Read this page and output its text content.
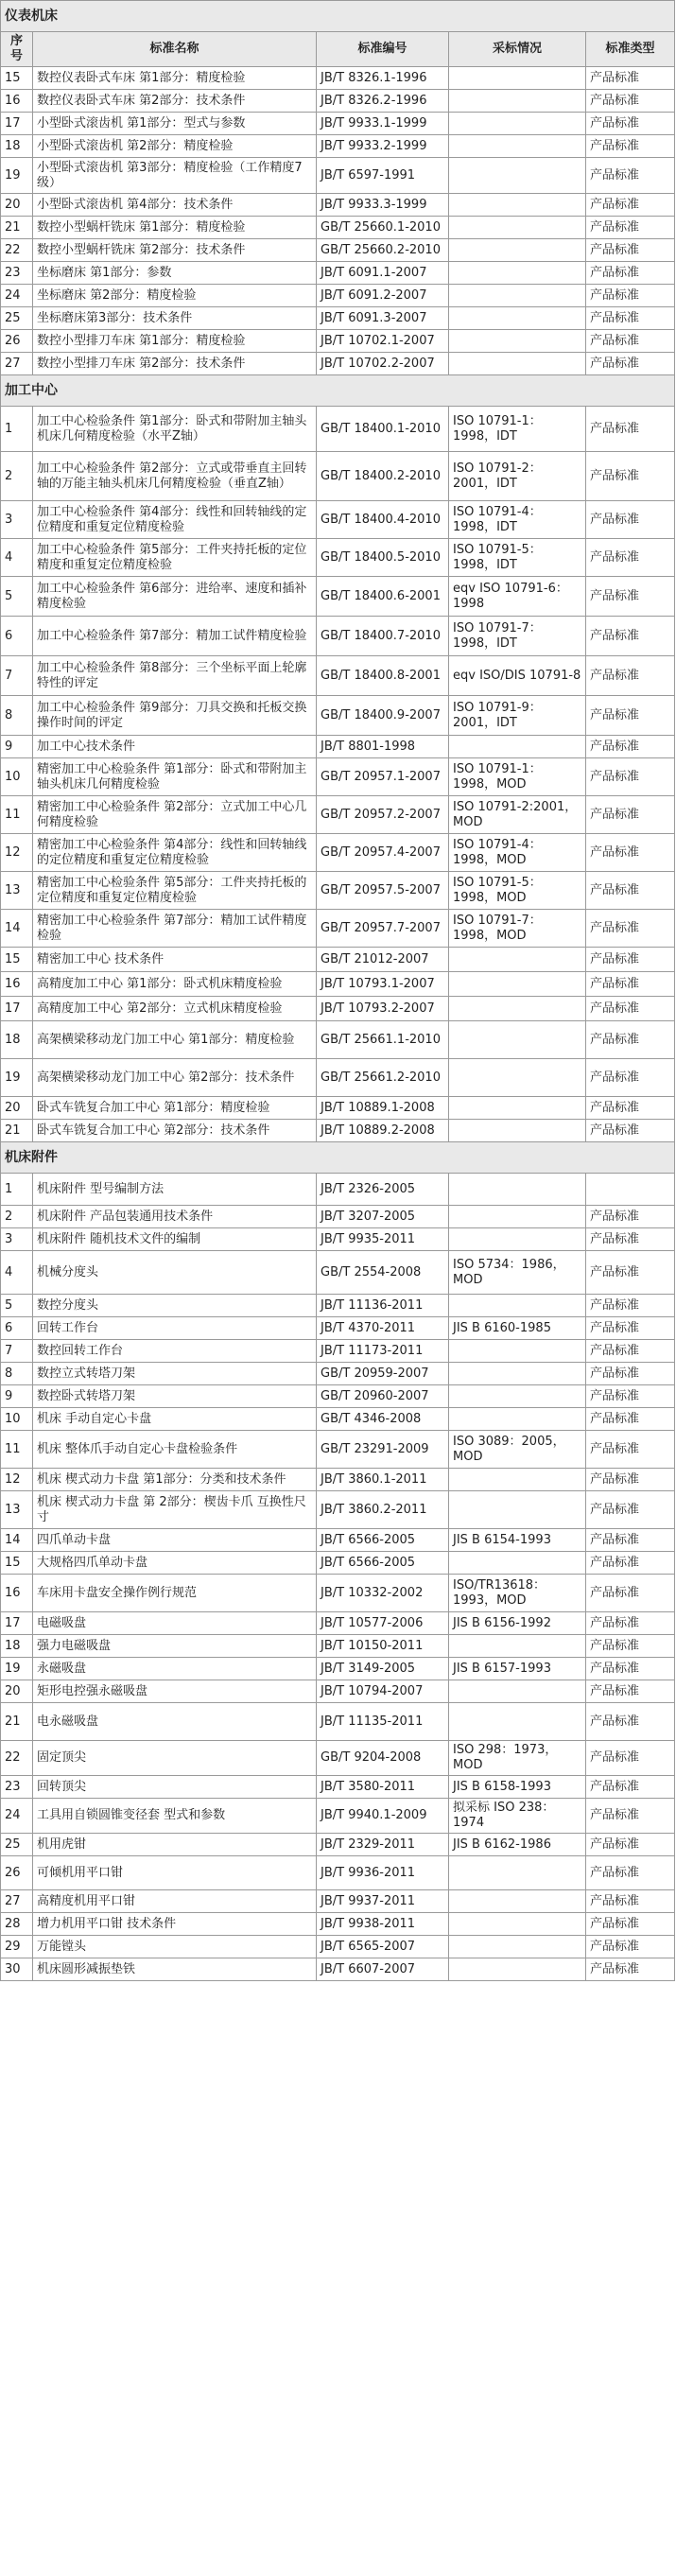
仪表机床				
序号	标准名称	标准编号	采标情况	标准类型
15	数控仪表卧式车床 第1部分：精度检验	JB/T 8326.1-1996		产品标准
16	数控仪表卧式车床 第2部分：技术条件	JB/T 8326.2-1996		产品标准
17	小型卧式滚齿机 第1部分：型式与参数	JB/T 9933.1-1999		产品标准
18	小型卧式滚齿机 第2部分：精度检验	JB/T 9933.2-1999		产品标准
19	小型卧式滚齿机 第3部分：精度检验（工作精度7级）	JB/T 6597-1991		产品标准
20	小型卧式滚齿机 第4部分：技术条件	JB/T 9933.3-1999		产品标准
21	数控小型蜗杆铣床 第1部分：精度检验	GB/T 25660.1-2010		产品标准
22	数控小型蜗杆铣床 第2部分：技术条件	GB/T 25660.2-2010		产品标准
23	坐标磨床 第1部分：参数	JB/T 6091.1-2007		产品标准
24	坐标磨床 第2部分：精度检验	JB/T 6091.2-2007		产品标准
25	坐标磨床第3部分：技术条件	JB/T 6091.3-2007		产品标准
26	数控小型排刀车床 第1部分：精度检验	JB/T 10702.1-2007		产品标准
27	数控小型排刀车床 第2部分：技术条件	JB/T 10702.2-2007		产品标准
加工中心				
1	加工中心检验条件 第1部分：卧式和带附加主轴头机床几何精度检验（水平Z轴）	GB/T 18400.1-2010	ISO 10791-1：1998，IDT	产品标准
2	加工中心检验条件 第2部分：立式或带垂直主回转轴的万能主轴头机床几何精度检验（垂直Z轴）	GB/T 18400.2-2010	ISO 10791-2：2001，IDT	产品标准
3	加工中心检验条件 第4部分：线性和回转轴线的定位精度和重复定位精度检验	GB/T 18400.4-2010	ISO 10791-4：1998，IDT	产品标准
4	加工中心检验条件 第5部分：工件夹持托板的定位精度和重复定位精度检验	GB/T 18400.5-2010	ISO 10791-5：1998，IDT	产品标准
5	加工中心检验条件 第6部分：进给率、速度和插补精度检验	GB/T 18400.6-2001	eqv ISO 10791-6：1998	产品标准
6	加工中心检验条件 第7部分：精加工试件精度检验	GB/T 18400.7-2010	ISO 10791-7：1998，IDT	产品标准
7	加工中心检验条件 第8部分：三个坐标平面上轮廓特性的评定	GB/T 18400.8-2001	eqv ISO/DIS 10791-8	产品标准
8	加工中心检验条件 第9部分：刀具交换和托板交换操作时间的评定	GB/T 18400.9-2007	ISO 10791-9：2001，IDT	产品标准
9	加工中心技术条件	JB/T 8801-1998		产品标准
10	精密加工中心检验条件 第1部分：卧式和带附加主轴头机床几何精度检验	GB/T 20957.1-2007	ISO 10791-1：1998，MOD	产品标准
11	精密加工中心检验条件 第2部分：立式加工中心几何精度检验	GB/T 20957.2-2007	ISO 10791-2:2001，MOD	产品标准
12	精密加工中心检验条件 第4部分：线性和回转轴线的定位精度和重复定位精度检验	GB/T 20957.4-2007	ISO 10791-4：1998，MOD	产品标准
13	精密加工中心检验条件 第5部分：工件夹持托板的定位精度和重复定位精度检验	GB/T 20957.5-2007	ISO 10791-5：1998，MOD	产品标准
14	精密加工中心检验条件 第7部分：精加工试件精度检验	GB/T 20957.7-2007	ISO 10791-7：1998，MOD	产品标准
15	精密加工中心 技术条件	GB/T 21012-2007		产品标准
16	高精度加工中心 第1部分：卧式机床精度检验	JB/T 10793.1-2007		产品标准
17	高精度加工中心 第2部分：立式机床精度检验	JB/T 10793.2-2007		产品标准
18	高架横梁移动龙门加工中心 第1部分：精度检验	GB/T 25661.1-2010		产品标准
19	高架横梁移动龙门加工中心 第2部分：技术条件	GB/T 25661.2-2010		产品标准
20	卧式车铣复合加工中心 第1部分：精度检验	JB/T 10889.1-2008		产品标准
21	卧式车铣复合加工中心 第2部分：技术条件	JB/T 10889.2-2008		产品标准
机床附件				
1	机床附件 型号编制方法	JB/T 2326-2005		
2	机床附件 产品包装通用技术条件	JB/T 3207-2005		产品标准
3	机床附件 随机技术文件的编制	JB/T 9935-2011		产品标准
4	机械分度头	GB/T 2554-2008	ISO 5734：1986，MOD	产品标准
5	数控分度头	JB/T 11136-2011		产品标准
6	回转工作台	JB/T 4370-2011	JIS B 6160-1985	产品标准
7	数控回转工作台	JB/T 11173-2011		产品标准
8	数控立式转塔刀架	GB/T 20959-2007		产品标准
9	数控卧式转塔刀架	GB/T 20960-2007		产品标准
10	机床 手动自定心卡盘	GB/T 4346-2008		产品标准
11	机床 整体爪手动自定心卡盘检验条件	GB/T 23291-2009	ISO 3089：2005，MOD	产品标准
12	机床 楔式动力卡盘 第1部分：分类和技术条件	JB/T 3860.1-2011		产品标准
13	机床 楔式动力卡盘 第 2部分：楔齿卡爪 互换性尺寸	JB/T 3860.2-2011		产品标准
14	四爪单动卡盘	JB/T 6566-2005	JIS B 6154-1993	产品标准
15	大规格四爪单动卡盘	JB/T 6566-2005		产品标准
16	车床用卡盘安全操作例行规范	JB/T 10332-2002	ISO/TR13618：1993，MOD	产品标准
17	电磁吸盘	JB/T 10577-2006	JIS B 6156-1992	产品标准
18	强力电磁吸盘	JB/T 10150-2011		产品标准
19	永磁吸盘	JB/T 3149-2005	JIS B 6157-1993	产品标准
20	矩形电控强永磁吸盘	JB/T 10794-2007		产品标准
21	电永磁吸盘	JB/T 11135-2011		产品标准
22	固定顶尖	GB/T 9204-2008	ISO 298：1973，MOD	产品标准
23	回转顶尖	JB/T 3580-2011	JIS B 6158-1993	产品标准
24	工具用自锁圆锥变径套 型式和参数	JB/T 9940.1-2009	拟采标 ISO 238：1974	产品标准
25	机用虎钳	JB/T 2329-2011	JIS B 6162-1986	产品标准
26	可倾机用平口钳	JB/T 9936-2011		产品标准
27	高精度机用平口钳	JB/T 9937-2011		产品标准
28	增力机用平口钳 技术条件	JB/T 9938-2011		产品标准
29	万能镗头	JB/T 6565-2007		产品标准
30	机床圆形减振垫铁	JB/T 6607-2007		产品标准
